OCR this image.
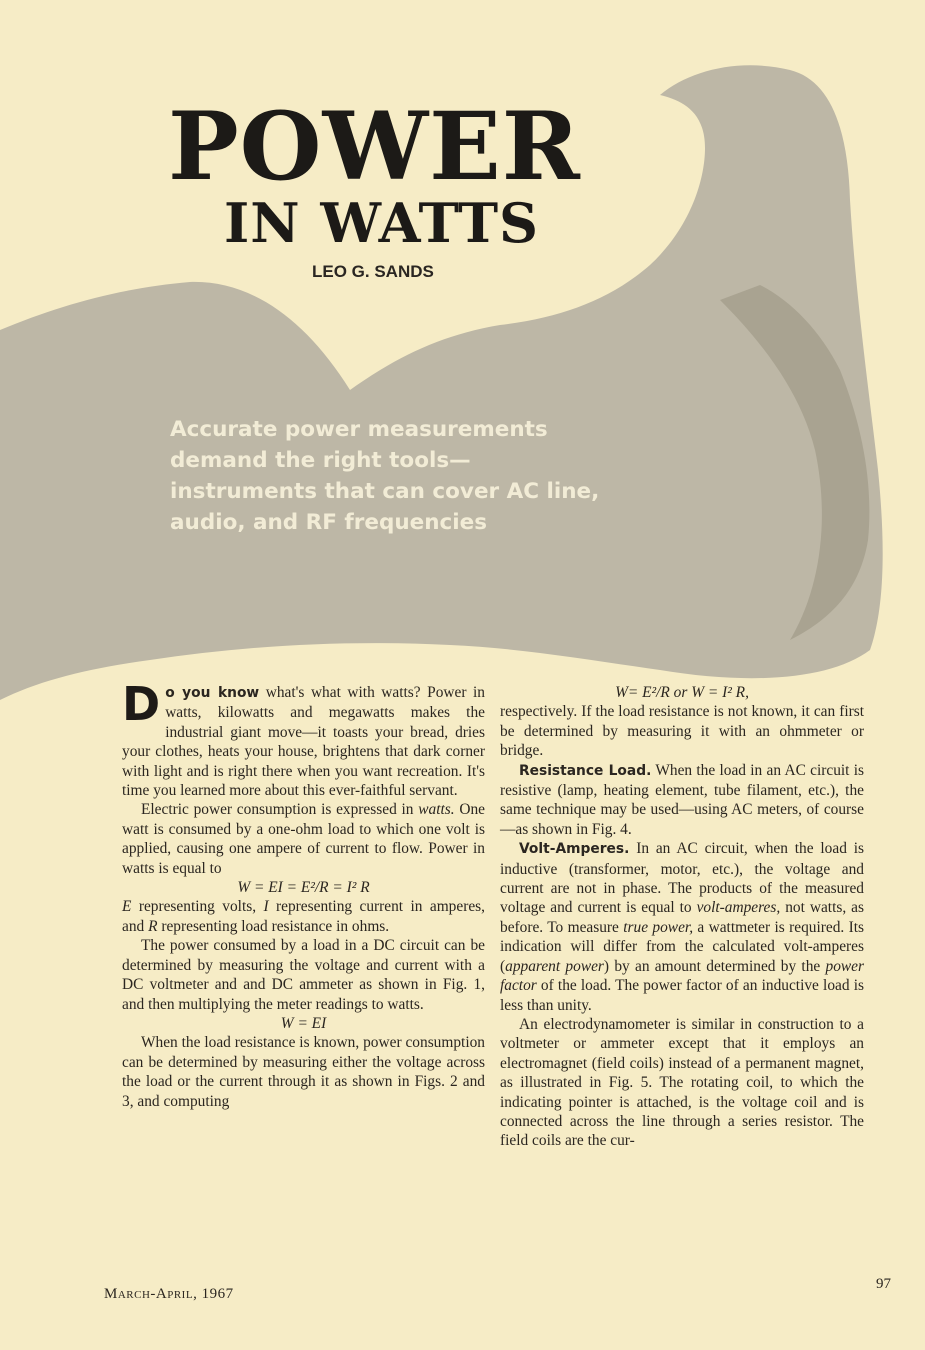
POWER
IN WATTS
LEO G. SANDS
Accurate power measurements
demand the right tools—
instruments that can cover AC line,
audio, and RF frequencies

Do you know what's what with watts? Power in watts, kilowatts and megawatts makes the industrial giant move—it toasts your bread, dries your clothes, heats your house, brightens that dark corner with light and is right there when you want recreation. It's time you learned more about this ever-faithful servant.

Electric power consumption is expressed in watts. One watt is consumed by a one-ohm load to which one volt is applied, causing one ampere of current to flow. Power in watts is equal to

W = EI = E²/R = I² R

E representing volts, I representing current in amperes, and R representing load resistance in ohms.

The power consumed by a load in a DC circuit can be determined by measuring the voltage and current with a DC voltmeter and and DC ammeter as shown in Fig. 1, and then multiplying the meter readings to watts.

W = EI

When the load resistance is known, power consumption can be determined by measuring either the voltage across the load or the current through it as shown in Figs. 2 and 3, and computing

W= E²/R or W = I² R,

respectively. If the load resistance is not known, it can first be determined by measuring it with an ohmmeter or bridge.

Resistance Load. When the load in an AC circuit is resistive (lamp, heating element, tube filament, etc.), the same technique may be used—using AC meters, of course—as shown in Fig. 4.

Volt-Amperes. In an AC circuit, when the load is inductive (transformer, motor, etc.), the voltage and current are not in phase. The products of the measured voltage and current is equal to volt-amperes, not watts, as before. To measure true power, a wattmeter is required. Its indication will differ from the calculated volt-amperes (apparent power) by an amount determined by the power factor of the load. The power factor of an inductive load is less than unity.

An electrodynamometer is similar in construction to a voltmeter or ammeter except that it employs an electromagnet (field coils) instead of a permanent magnet, as illustrated in Fig. 5. The rotating coil, to which the indicating pointer is attached, is the voltage coil and is connected across the line through a series resistor. The field coils are the cur-

March-April, 1967
97
